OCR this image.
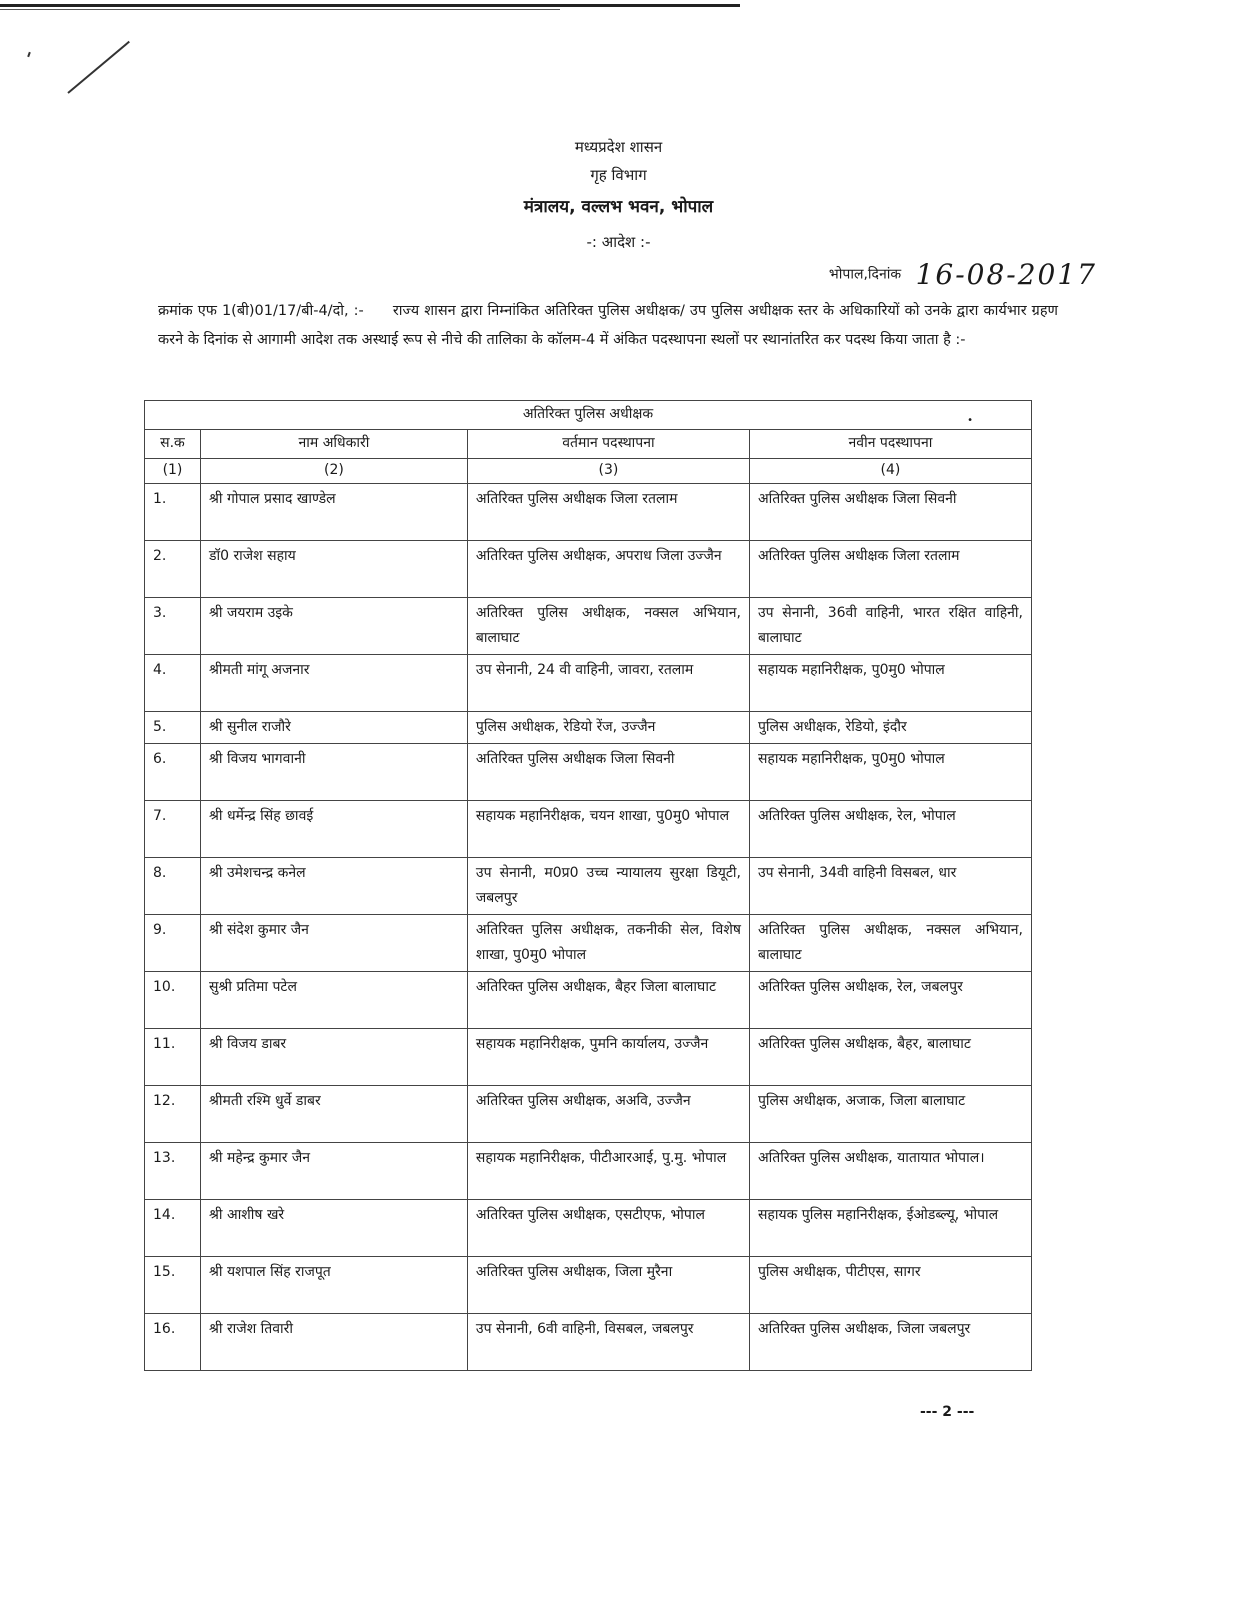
मध्यप्रदेश शासन
गृह विभाग
मंत्रालय, वल्लभ भवन, भोपाल
-: आदेश :-
भोपाल,दिनांक 16-08-2017
क्रमांक एफ 1(बी)01/17/बी-4/दो, :- राज्य शासन द्वारा निम्नांकित अतिरिक्त पुलिस अधीक्षक/ उप पुलिस अधीक्षक स्तर के अधिकारियों को उनके द्वारा कार्यभार ग्रहण करने के दिनांक से आगामी आदेश तक अस्थाई रूप से नीचे की तालिका के कॉलम-4 में अंकित पदस्थापना स्थलों पर स्थानांतरित कर पदस्थ किया जाता है :-
अतिरिक्त पुलिस अधीक्षक •			

स.क	नाम अधिकारी	वर्तमान पदस्थापना	नवीन पदस्थापना
(1)	(2)	(3)	(4)
1.	श्री गोपाल प्रसाद खाण्डेल	अतिरिक्त पुलिस अधीक्षक जिला रतलाम	अतिरिक्त पुलिस अधीक्षक जिला सिवनी
2.	डॉ0 राजेश सहाय	अतिरिक्त पुलिस अधीक्षक, अपराध जिला उज्जैन	अतिरिक्त पुलिस अधीक्षक जिला रतलाम
3.	श्री जयराम उइके	अतिरिक्त पुलिस अधीक्षक, नक्सल अभियान, बालाघाट	उप सेनानी, 36वी वाहिनी, भारत रक्षित वाहिनी, बालाघाट
4.	श्रीमती मांगू अजनार	उप सेनानी, 24 वी वाहिनी, जावरा, रतलाम	सहायक महानिरीक्षक, पु0मु0 भोपाल
5.	श्री सुनील राजौरे	पुलिस अधीक्षक, रेडियो रेंज, उज्जैन	पुलिस अधीक्षक, रेडियो, इंदौर
6.	श्री विजय भागवानी	अतिरिक्त पुलिस अधीक्षक जिला सिवनी	सहायक महानिरीक्षक, पु0मु0 भोपाल
7.	श्री धर्मेन्द्र सिंह छावई	सहायक महानिरीक्षक, चयन शाखा, पु0मु0 भोपाल	अतिरिक्त पुलिस अधीक्षक, रेल, भोपाल
8.	श्री उमेशचन्द्र कनेल	उप सेनानी, म0प्र0 उच्च न्यायालय सुरक्षा डियूटी, जबलपुर	उप सेनानी, 34वी वाहिनी विसबल, धार
9.	श्री संदेश कुमार जैन	अतिरिक्त पुलिस अधीक्षक, तकनीकी सेल, विशेष शाखा, पु0मु0 भोपाल	अतिरिक्त पुलिस अधीक्षक, नक्सल अभियान, बालाघाट
10.	सुश्री प्रतिमा पटेल	अतिरिक्त पुलिस अधीक्षक, बैहर जिला बालाघाट	अतिरिक्त पुलिस अधीक्षक, रेल, जबलपुर
11.	श्री विजय डाबर	सहायक महानिरीक्षक, पुमनि कार्यालय, उज्जैन	अतिरिक्त पुलिस अधीक्षक, बैहर, बालाघाट
12.	श्रीमती रश्मि धुर्वे डाबर	अतिरिक्त पुलिस अधीक्षक, अअवि, उज्जैन	पुलिस अधीक्षक, अजाक, जिला बालाघाट
13.	श्री महेन्द्र कुमार जैन	सहायक महानिरीक्षक, पीटीआरआई, पु.मु. भोपाल	अतिरिक्त पुलिस अधीक्षक, यातायात भोपाल।
14.	श्री आशीष खरे	अतिरिक्त पुलिस अधीक्षक, एसटीएफ, भोपाल	सहायक पुलिस महानिरीक्षक, ईओडब्ल्यू, भोपाल
15.	श्री यशपाल सिंह राजपूत	अतिरिक्त पुलिस अधीक्षक, जिला मुरैना	पुलिस अधीक्षक, पीटीएस, सागर
16.	श्री राजेश तिवारी	उप सेनानी, 6वी वाहिनी, विसबल, जबलपुर	अतिरिक्त पुलिस अधीक्षक, जिला जबलपुर
--- 2 ---
